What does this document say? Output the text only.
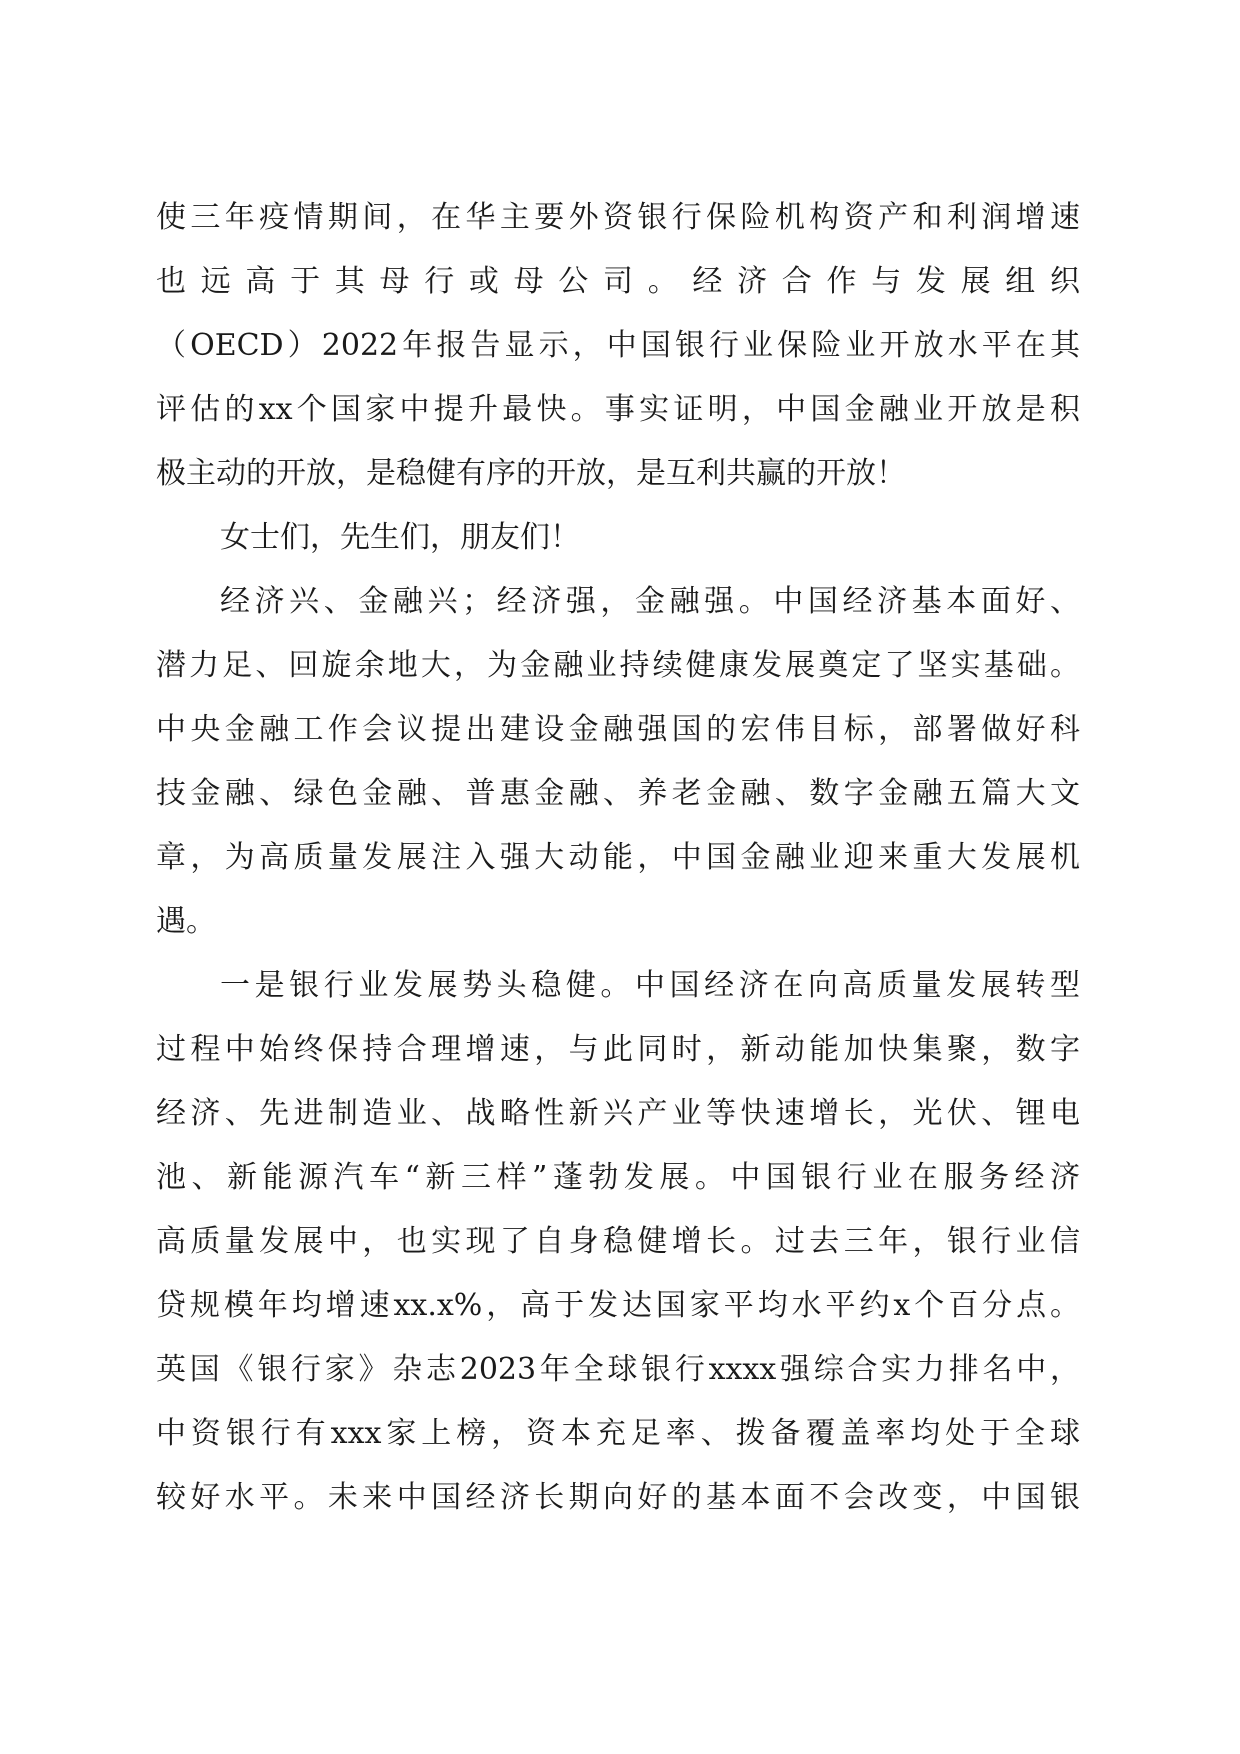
使三年疫情期间，在华主要外资银行保险机构资产和利润增速
也远高于其母行或母公司。经济合作与发展组织
（OECD）2022年报告显示，中国银行业保险业开放水平在其
评估的xx个国家中提升最快。事实证明，中国金融业开放是积
极主动的开放，是稳健有序的开放，是互利共赢的开放！
女士们，先生们，朋友们！
经济兴、金融兴；经济强，金融强。中国经济基本面好、
潜力足、回旋余地大，为金融业持续健康发展奠定了坚实基础。
中央金融工作会议提出建设金融强国的宏伟目标，部署做好科
技金融、绿色金融、普惠金融、养老金融、数字金融五篇大文
章，为高质量发展注入强大动能，中国金融业迎来重大发展机
遇。
一是银行业发展势头稳健。中国经济在向高质量发展转型
过程中始终保持合理增速，与此同时，新动能加快集聚，数字
经济、先进制造业、战略性新兴产业等快速增长，光伏、锂电
池、新能源汽车“新三样”蓬勃发展。中国银行业在服务经济
高质量发展中，也实现了自身稳健增长。过去三年，银行业信
贷规模年均增速xx.x%，高于发达国家平均水平约x个百分点。
英国《银行家》杂志2023年全球银行xxxx强综合实力排名中，
中资银行有xxx家上榜，资本充足率、拨备覆盖率均处于全球
较好水平。未来中国经济长期向好的基本面不会改变，中国银
